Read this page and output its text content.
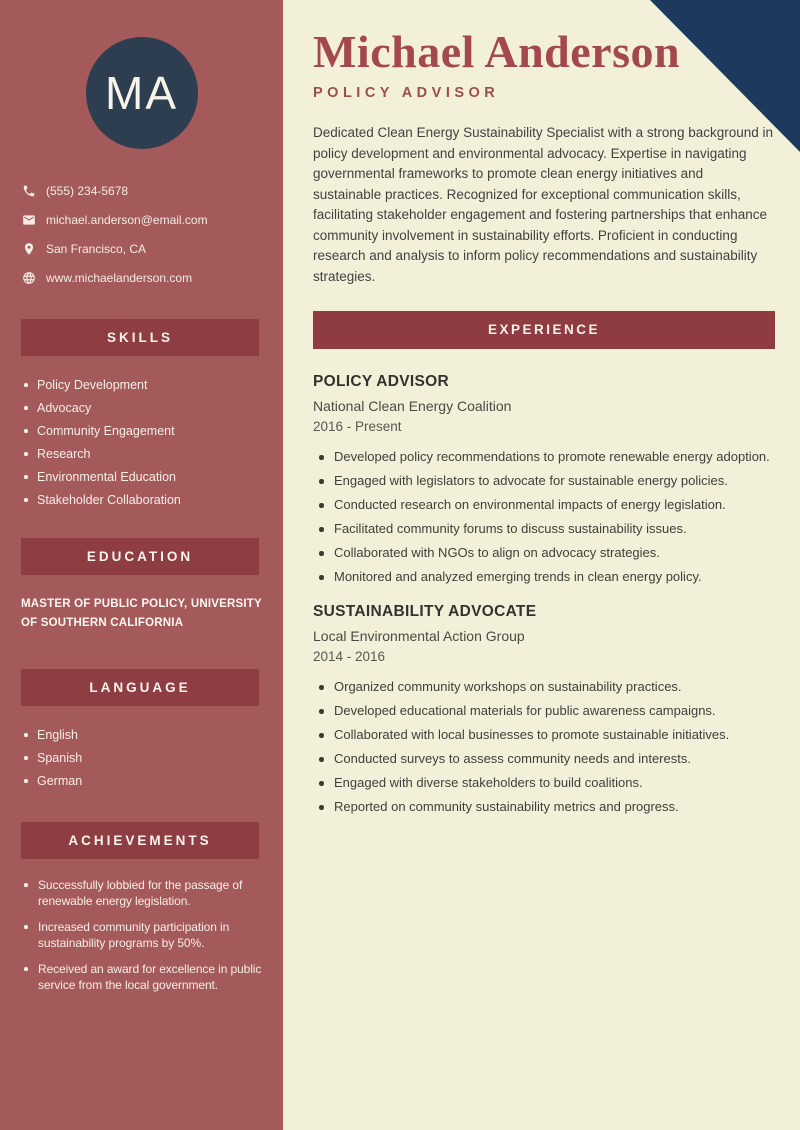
MA
(555) 234-5678
michael.anderson@email.com
San Francisco, CA
www.michaelanderson.com
SKILLS
Policy Development
Advocacy
Community Engagement
Research
Environmental Education
Stakeholder Collaboration
EDUCATION
MASTER OF PUBLIC POLICY, UNIVERSITY
OF SOUTHERN CALIFORNIA
LANGUAGE
English
Spanish
German
ACHIEVEMENTS
Successfully lobbied for the passage of renewable energy legislation.
Increased community participation in sustainability programs by 50%.
Received an award for excellence in public service from the local government.
Michael Anderson
POLICY ADVISOR

Dedicated Clean Energy Sustainability Specialist with a strong background in policy development and environmental advocacy. Expertise in navigating governmental frameworks to promote clean energy initiatives and sustainable practices. Recognized for exceptional communication skills, facilitating stakeholder engagement and fostering partnerships that enhance community involvement in sustainability efforts. Proficient in conducting research and analysis to inform policy recommendations and sustainability strategies.

EXPERIENCE
POLICY ADVISOR
National Clean Energy Coalition
2016 - Present
Developed policy recommendations to promote renewable energy adoption.
Engaged with legislators to advocate for sustainable energy policies.
Conducted research on environmental impacts of energy legislation.
Facilitated community forums to discuss sustainability issues.
Collaborated with NGOs to align on advocacy strategies.
Monitored and analyzed emerging trends in clean energy policy.
SUSTAINABILITY ADVOCATE
Local Environmental Action Group
2014 - 2016
Organized community workshops on sustainability practices.
Developed educational materials for public awareness campaigns.
Collaborated with local businesses to promote sustainable initiatives.
Conducted surveys to assess community needs and interests.
Engaged with diverse stakeholders to build coalitions.
Reported on community sustainability metrics and progress.
